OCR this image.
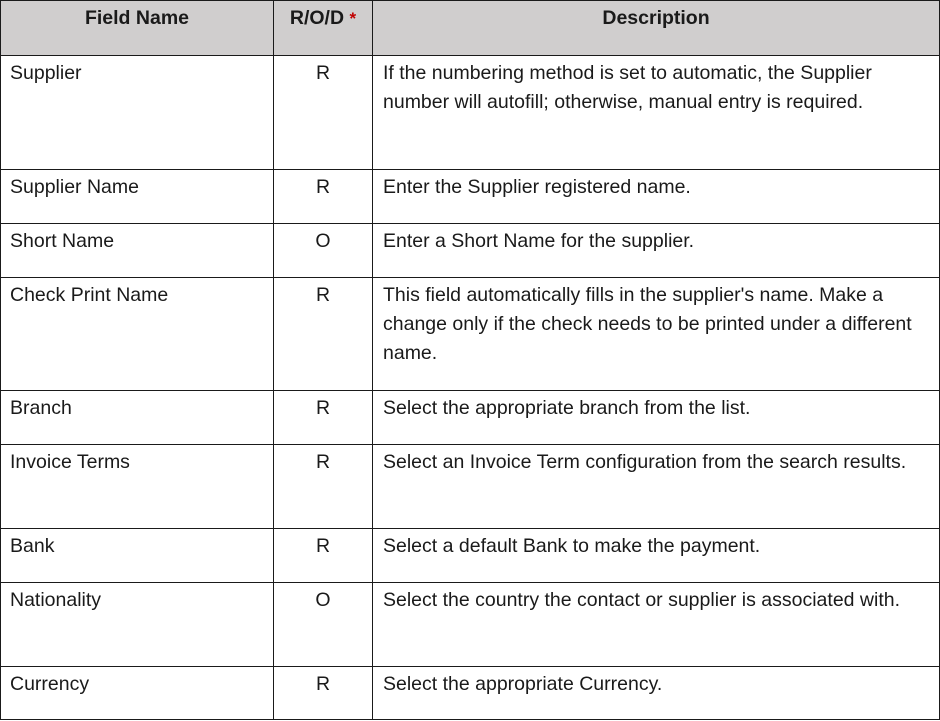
Field Name	R/O/D *	Description
Supplier	R	If the numbering method is set to automatic, the Supplier number will autofill; otherwise, manual entry is required.
Supplier Name	R	Enter the Supplier registered name.
Short Name	O	Enter a Short Name for the supplier.
Check Print Name	R	This field automatically fills in the supplier's name. Make a change only if the check needs to be printed under a different name.
Branch	R	Select the appropriate branch from the list.
Invoice Terms	R	Select an Invoice Term configuration from the search results.
Bank	R	Select a default Bank to make the payment.
Nationality	O	Select the country the contact or supplier is associated with.
Currency	R	Select the appropriate Currency.
